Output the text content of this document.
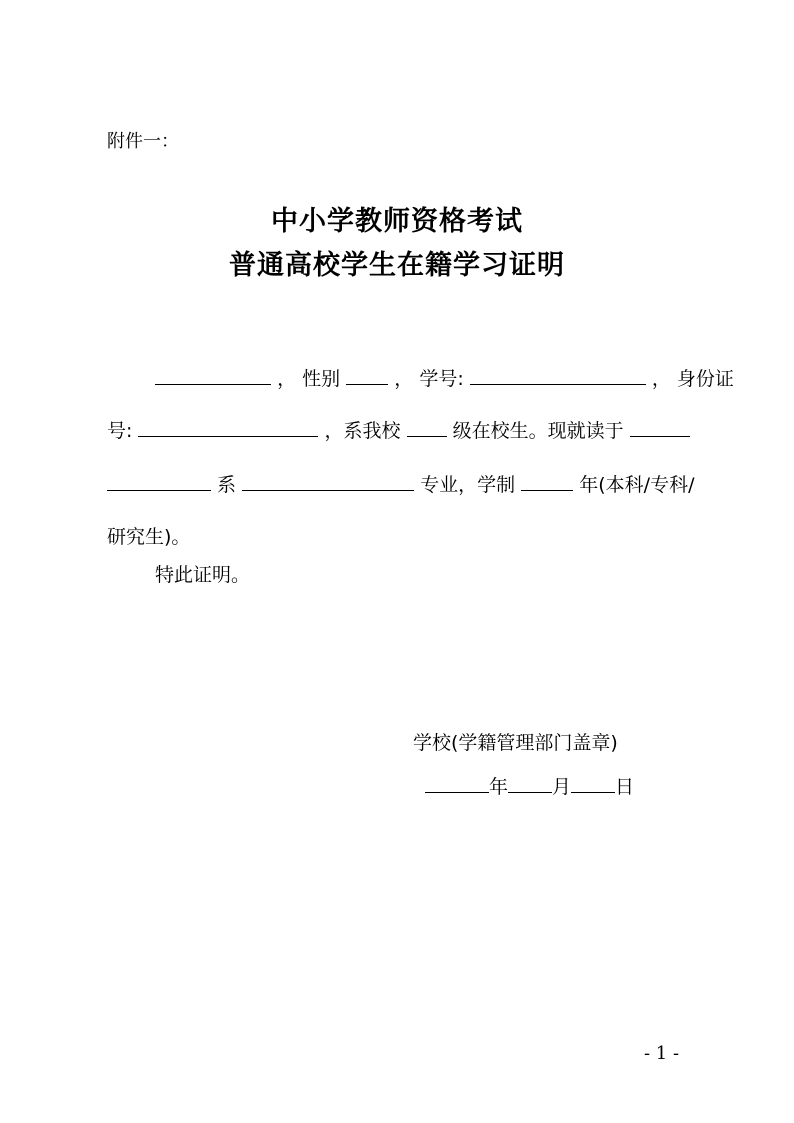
附件一：
中小学教师资格考试
普通高校学生在籍学习证明
， 性别	， 学号:	， 身份证
号:	，系我校	级在校生。现就读于
系	专业，学制	年(本科/专科/
研究生)。
特此证明。
学校(学籍管理部门盖章)
年 月 日
- 1 -
